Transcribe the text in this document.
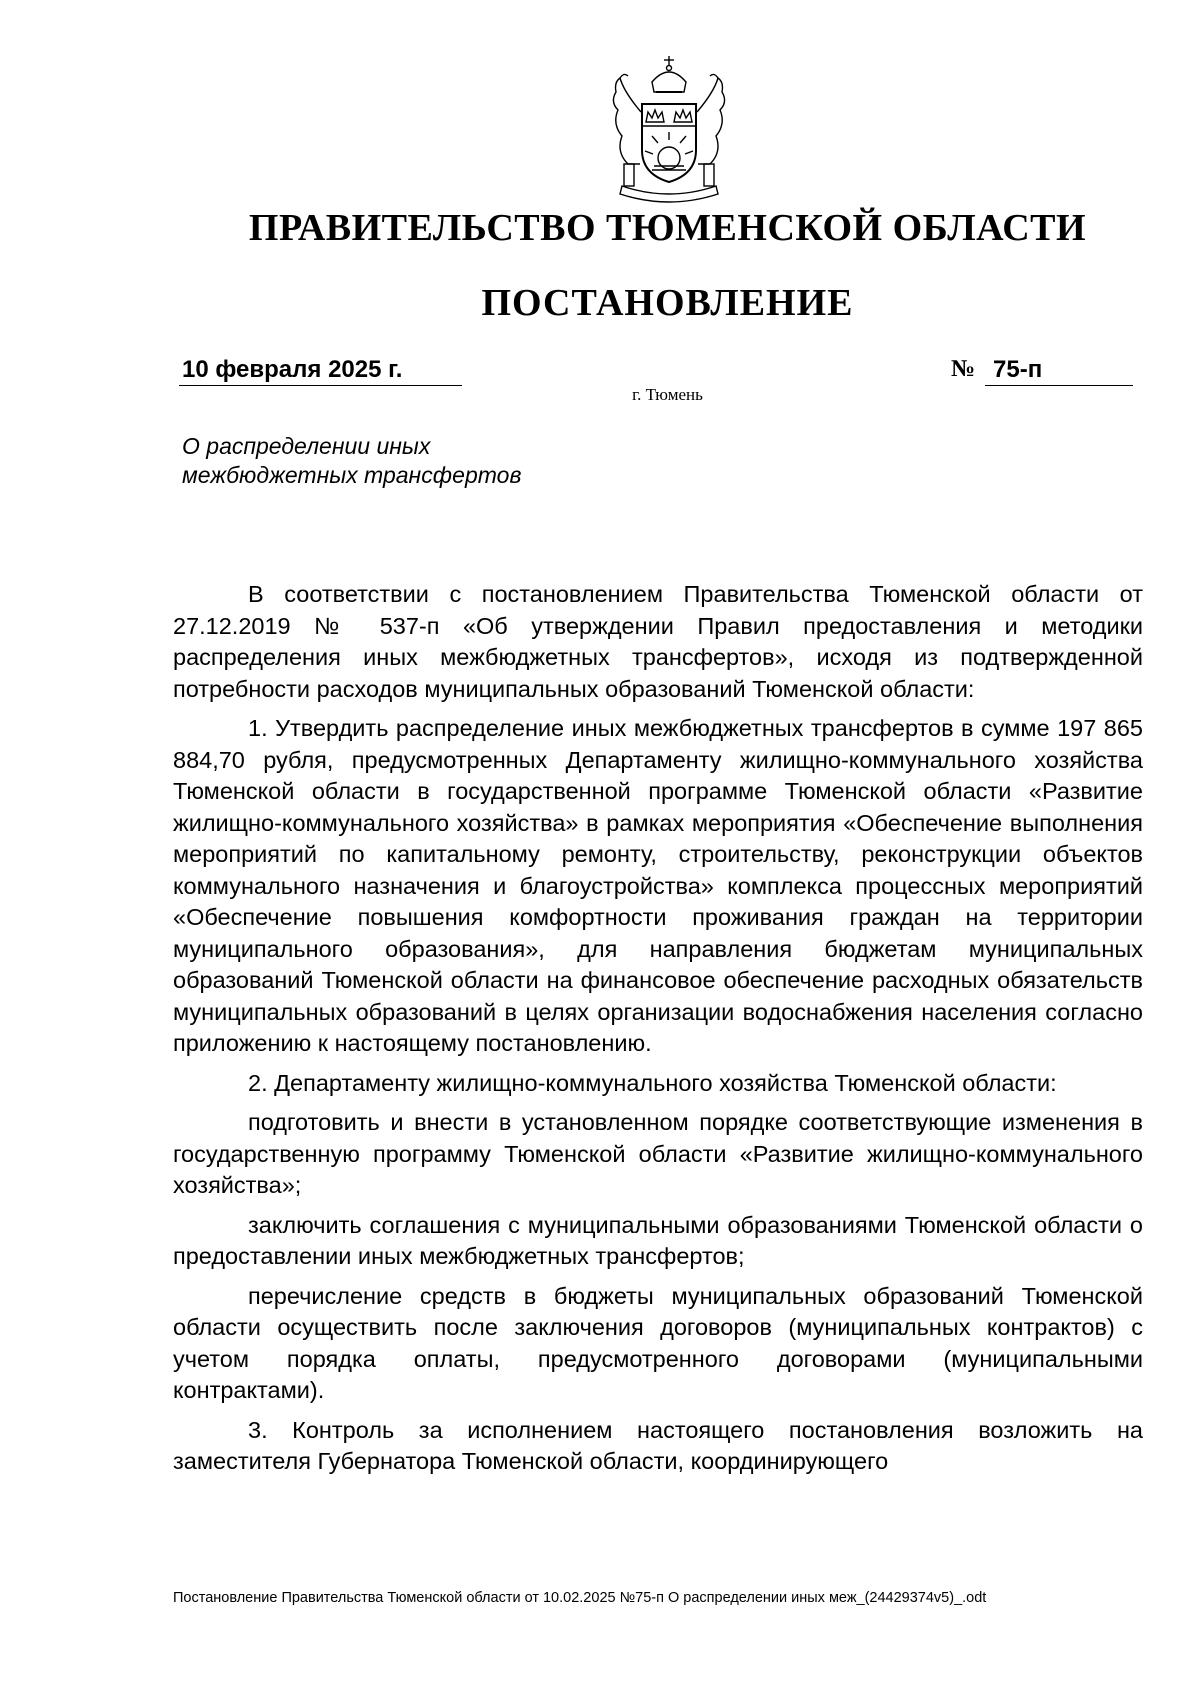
ПРАВИТЕЛЬСТВО ТЮМЕНСКОЙ ОБЛАСТИ
ПОСТАНОВЛЕНИЕ
10 февраля 2025 г.	№ 75-п
г. Тюмень
О распределении иных
межбюджетных трансфертов

В соответствии с постановлением Правительства Тюменской области от 27.12.2019 № 537-п «Об утверждении Правил предоставления и методики распределения иных межбюджетных трансфертов», исходя из подтвержденной потребности расходов муниципальных образований Тюменской области:

1. Утвердить распределение иных межбюджетных трансфертов в сумме 197 865 884,70 рубля, предусмотренных Департаменту жилищно-коммунального хозяйства Тюменской области в государственной программе Тюменской области «Развитие жилищно-коммунального хозяйства» в рамках мероприятия «Обеспечение выполнения мероприятий по капитальному ремонту, строительству, реконструкции объектов коммунального назначения и благоустройства» комплекса процессных мероприятий «Обеспечение повышения комфортности проживания граждан на территории муниципального образования», для направления бюджетам муниципальных образований Тюменской области на финансовое обеспечение расходных обязательств муниципальных образований в целях организации водоснабжения населения согласно приложению к настоящему постановлению.

2. Департаменту жилищно-коммунального хозяйства Тюменской области:

подготовить и внести в установленном порядке соответствующие изменения в государственную программу Тюменской области «Развитие жилищно-коммунального хозяйства»;

заключить соглашения с муниципальными образованиями Тюменской области о предоставлении иных межбюджетных трансфертов;

перечисление средств в бюджеты муниципальных образований Тюменской области осуществить после заключения договоров (муниципальных контрактов) с учетом порядка оплаты, предусмотренного договорами (муниципальными контрактами).

3. Контроль за исполнением настоящего постановления возложить на заместителя Губернатора Тюменской области, координирующего

Постановление Правительства Тюменской области от 10.02.2025 №75-п О распределении иных меж_(24429374v5)_.odt
